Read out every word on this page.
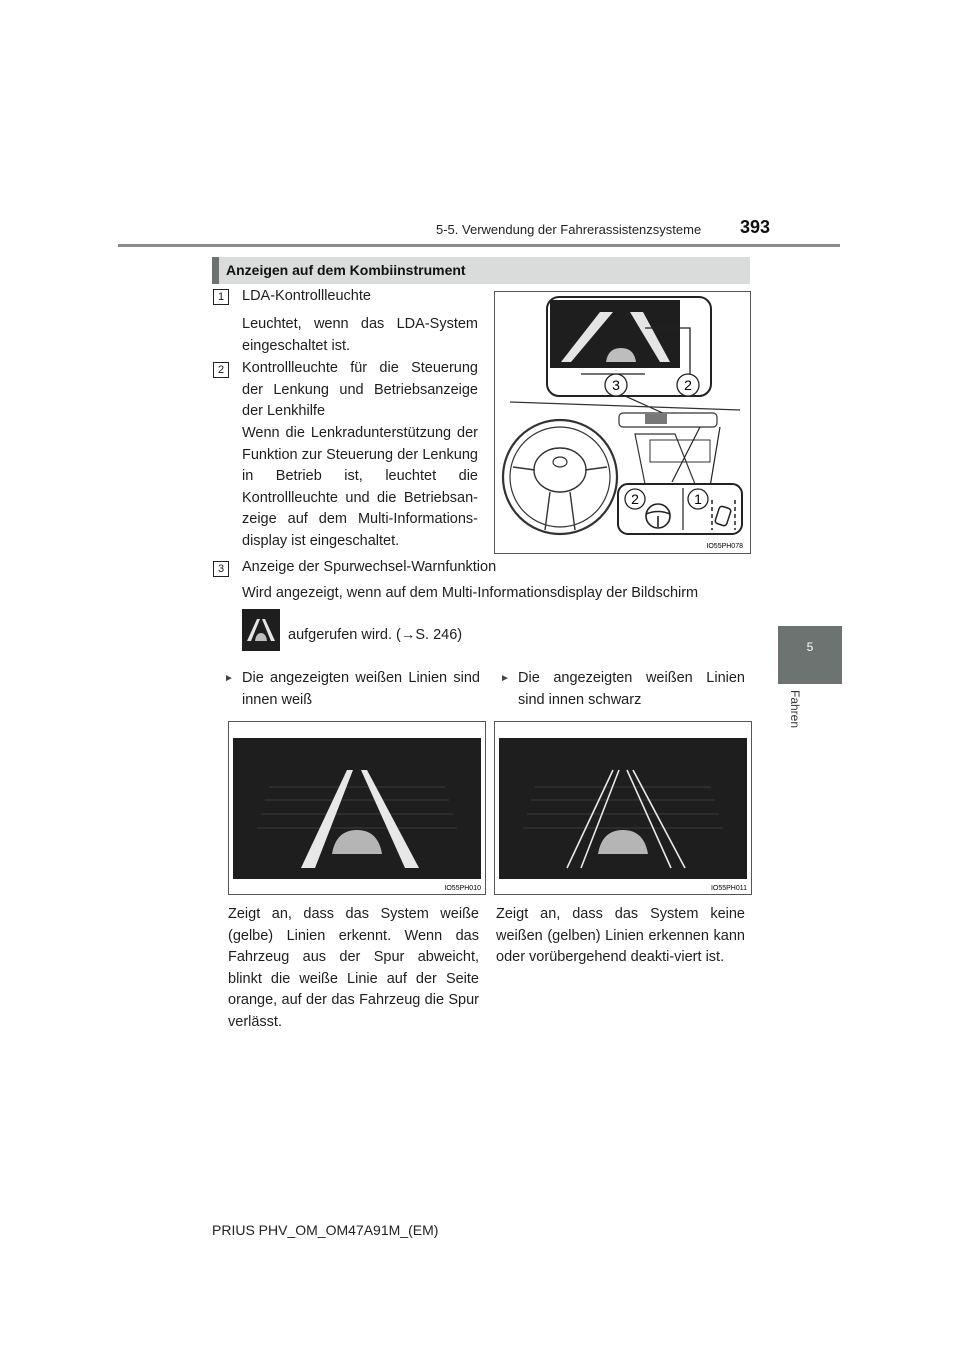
5-5. Verwendung der Fahrerassistenzsysteme 393
5
Fahren
Anzeigen auf dem Kombiinstrument
1	LDA-Kontrollleuchte
Leuchtet, wenn das LDA-System eingeschaltet ist.
2	Kontrollleuchte für die Steuerung der Lenkung und Betriebsanzeige der Lenkhilfe
Wenn die Lenkradunterstützung der Funktion zur Steuerung der Lenkung in Betrieb ist, leuchtet die Kontrollleuchte und die Betriebsan-zeige auf dem Multi-Informations-display ist eingeschaltet.
3	2
2	1
IO55PH078
3	Anzeige der Spurwechsel-Warnfunktion
Wird angezeigt, wenn auf dem Multi-Informationsdisplay der Bildschirm
aufgerufen wird. (→S. 246)
► Die angezeigten weißen Linien sind innen weiß
► Die angezeigten weißen Linien sind innen schwarz
IO55PH010	IO55PH011
Zeigt an, dass das System weiße (gelbe) Linien erkennt. Wenn das Fahrzeug aus der Spur abweicht, blinkt die weiße Linie auf der Seite orange, auf der das Fahrzeug die Spur verlässt.
Zeigt an, dass das System keine weißen (gelben) Linien erkennen kann oder vorübergehend deakti-viert ist.
PRIUS PHV_OM_OM47A91M_(EM)
